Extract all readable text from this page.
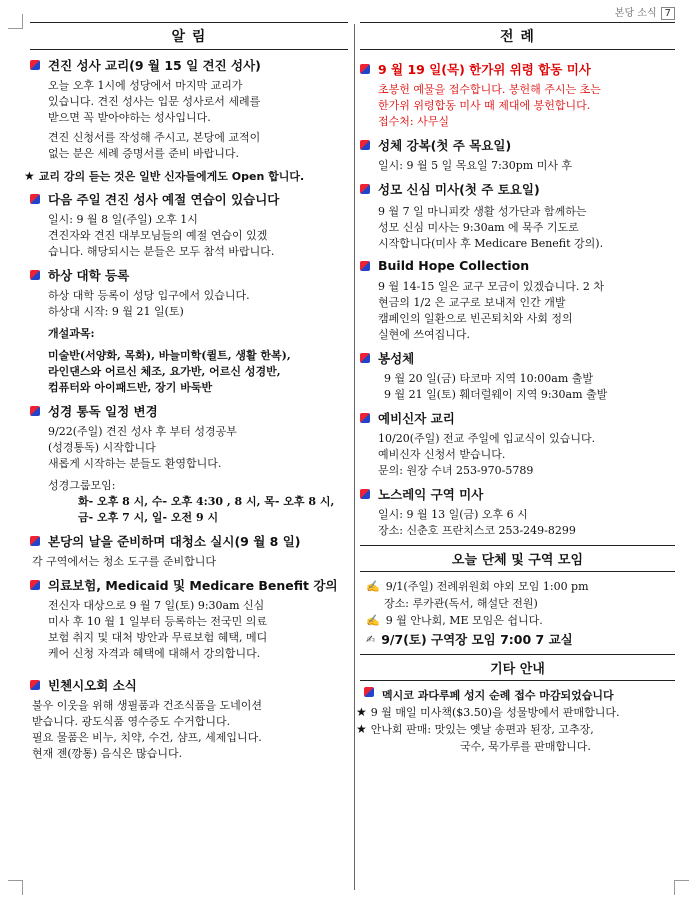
본당 소식 7
알 림
견진 성사 교리(9 월 15 일 견진 성사)
오늘 오후 1시에 성당에서 마지막 교리가
있습니다. 견진 성사는 입문 성사로서 세례를
받으면 꼭 받아야하는 성사입니다.
견진 신청서를 작성해 주시고, 본당에 교적이
없는 분은 세례 증명서를 준비 바랍니다.
★ 교리 강의 듣는 것은 일반 신자들에게도 Open 합니다.
다음 주일 견진 성사 예절 연습이 있습니다
일시: 9 월 8 일(주일) 오후 1시
견진자와 견진 대부모님들의 예절 연습이 있겠
습니다. 해당되시는 분들은 모두 참석 바랍니다.
하상 대학 등록
하상 대학 등록이 성당 입구에서 있습니다.
하상대 시작: 9 월 21 일(토)
개설과목:
미술반(서양화, 목화), 바늘미학(퀼트, 생활 한복),
라인댄스와 어르신 체조, 요가반, 어르신 성경반,
컴퓨터와 아이패드반, 장기 바둑반
성경 통독 일정 변경
9/22(주일) 견진 성사 후 부터 성경공부
(성경통독) 시작합니다
새롭게 시작하는 분들도 환영합니다.
성경그룹모임:
화- 오후 8 시, 수- 오후 4:30 , 8 시, 목- 오후 8 시,
금- 오후 7 시, 일- 오전 9 시
본당의 날을 준비하며 대청소 실시(9 월 8 일)
각 구역에서는 청소 도구를 준비합니다
의료보험, Medicaid 및 Medicare Benefit 강의
전신자 대상으로 9 월 7 일(토) 9:30am 신심
미사 후 10 월 1 일부터 등록하는 전국민 의료
보험 취지 및 대처 방안과 무료보험 혜택, 메디
케어 신청 자격과 혜택에 대해서 강의합니다.
빈첸시오회 소식
불우 이웃을 위해 생필품과 건조식품을 도네이션
받습니다. 광도식품 영수증도 수거합니다.
필요 물품은 비누, 치약, 수건, 샴프, 세제입니다.
현재 젠(깡통) 음식은 많습니다.
전 례
9 월 19 일(목) 한가위 위령 합동 미사
초봉헌 예물을 접수합니다. 봉헌해 주시는 초는
한가위 위령합동 미사 때 제대에 봉헌합니다.
접수처: 사무실
성체 강복(첫 주 목요일)
일시: 9 월 5 일 목요일 7:30pm 미사 후
성모 신심 미사(첫 주 토요일)
9 월 7 일 마니피캇 생활 성가단과 함께하는
성모 신심 미사는 9:30am 에 묵주 기도로
시작합니다(미사 후 Medicare Benefit 강의).
Build Hope Collection
9 월 14-15 일은 교구 모금이 있겠습니다. 2 차
현금의 1/2 은 교구로 보내져 인간 개발
캠페인의 일환으로 빈곤퇴치와 사회 정의
실현에 쓰여집니다.
봉성체
9 월 20 일(금) 타코마 지역 10:00am 출발
9 월 21 일(토) 훼더럴웨이 지역 9:30am 출발
예비신자 교리
10/20(주일) 전교 주일에 입교식이 있습니다.
예비신자 신청서 받습니다.
문의: 원장 수녀 253-970-5789
노스레익 구역 미사
일시: 9 월 13 일(금) 오후 6 시
장소: 신춘호 프란치스코 253-249-8299
오늘 단체 및 구역 모임
✍ 9/1(주일) 전례위원회 야외 모임 1:00 pm
장소: 루카관(독서, 해설단 전원)
✍ 9 월 안나회, ME 모임은 쉽니다.
✍ 9/7(토) 구역장 모임 7:00 7 교실
기타 안내
멕시코 과다루페 성지 순례 접수 마감되었습니다
★ 9 월 매일 미사책($3.50)을 성물방에서 판매합니다.
★ 안나회 판매: 맛있는 옛날 송편과 된장, 고추장,
국수, 묵가루를 판매합니다.
